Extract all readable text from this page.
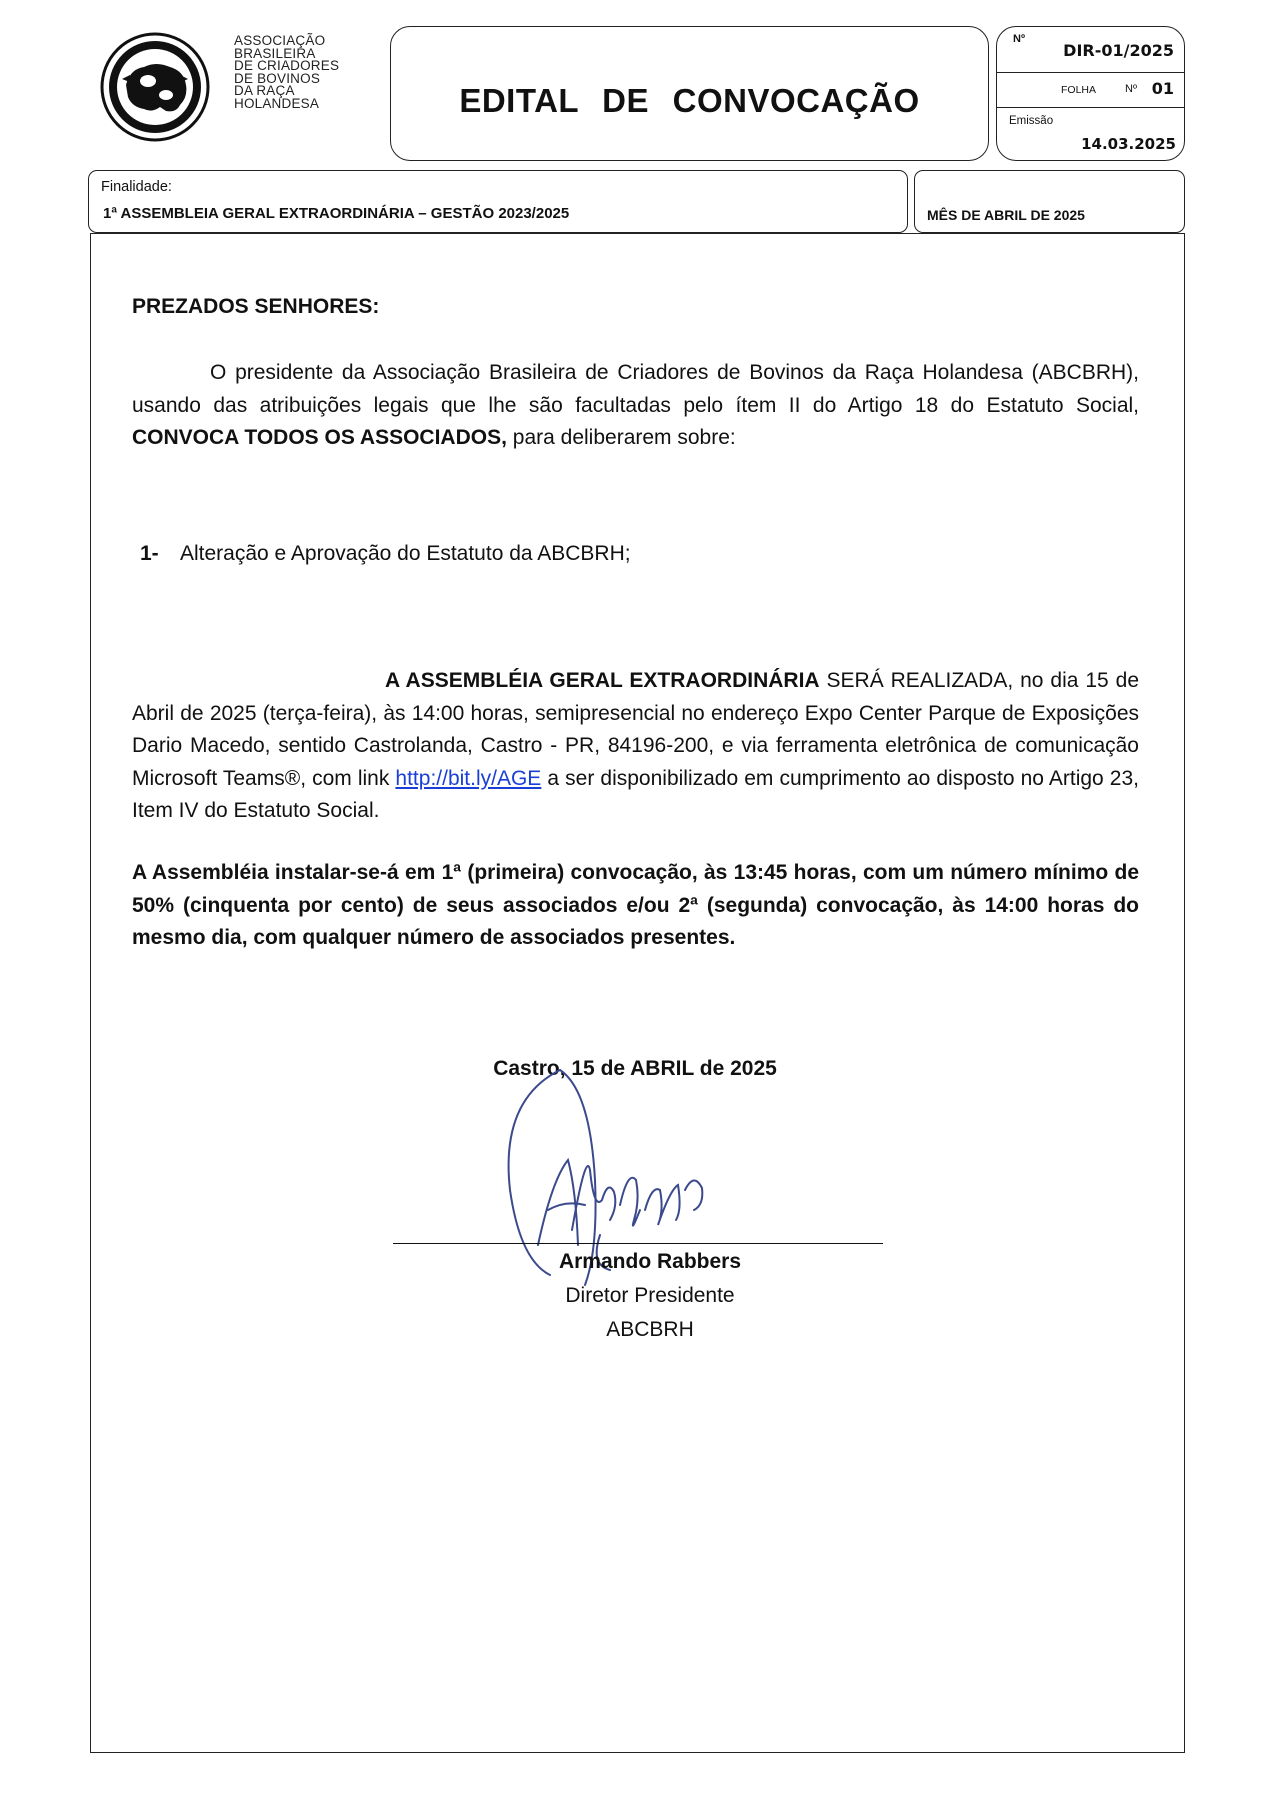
ASSOCIAÇÃO
BRASILEIRA
DE CRIADORES
DE BOVINOS
DA RAÇA
HOLANDESA	EDITAL DE CONVOCAÇÃO
Nº
DIR-01/2025
FOLHA	Nº 01
Emissão
14.03.2025
Finalidade:
1ª ASSEMBLEIA GERAL EXTRAORDINÁRIA – GESTÃO 2023/2025	MÊS DE ABRIL DE 2025
PREZADOS SENHORES:
O presidente da Associação Brasileira de Criadores de Bovinos da Raça Holandesa (ABCBRH), usando das atribuições legais que lhe são facultadas pelo ítem II do Artigo 18 do Estatuto Social, CONVOCA TODOS OS ASSOCIADOS, para deliberarem sobre:
1- Alteração e Aprovação do Estatuto da ABCBRH;
A ASSEMBLÉIA GERAL EXTRAORDINÁRIA SERÁ REALIZADA, no dia 15 de Abril de 2025 (terça-feira), às 14:00 horas, semipresencial no endereço Expo Center Parque de Exposições Dario Macedo, sentido Castrolanda, Castro - PR, 84196-200, e via ferramenta eletrônica de comunicação Microsoft Teams®, com link http://bit.ly/AGE a ser disponibilizado em cumprimento ao disposto no Artigo 23, Item IV do Estatuto Social.
A Assembléia instalar-se-á em 1ª (primeira) convocação, às 13:45 horas, com um número mínimo de 50% (cinquenta por cento) de seus associados e/ou 2ª (segunda) convocação, às 14:00 horas do mesmo dia, com qualquer número de associados presentes.
Castro, 15 de ABRIL de 2025
Armando Rabbers
Diretor Presidente
ABCBRH
